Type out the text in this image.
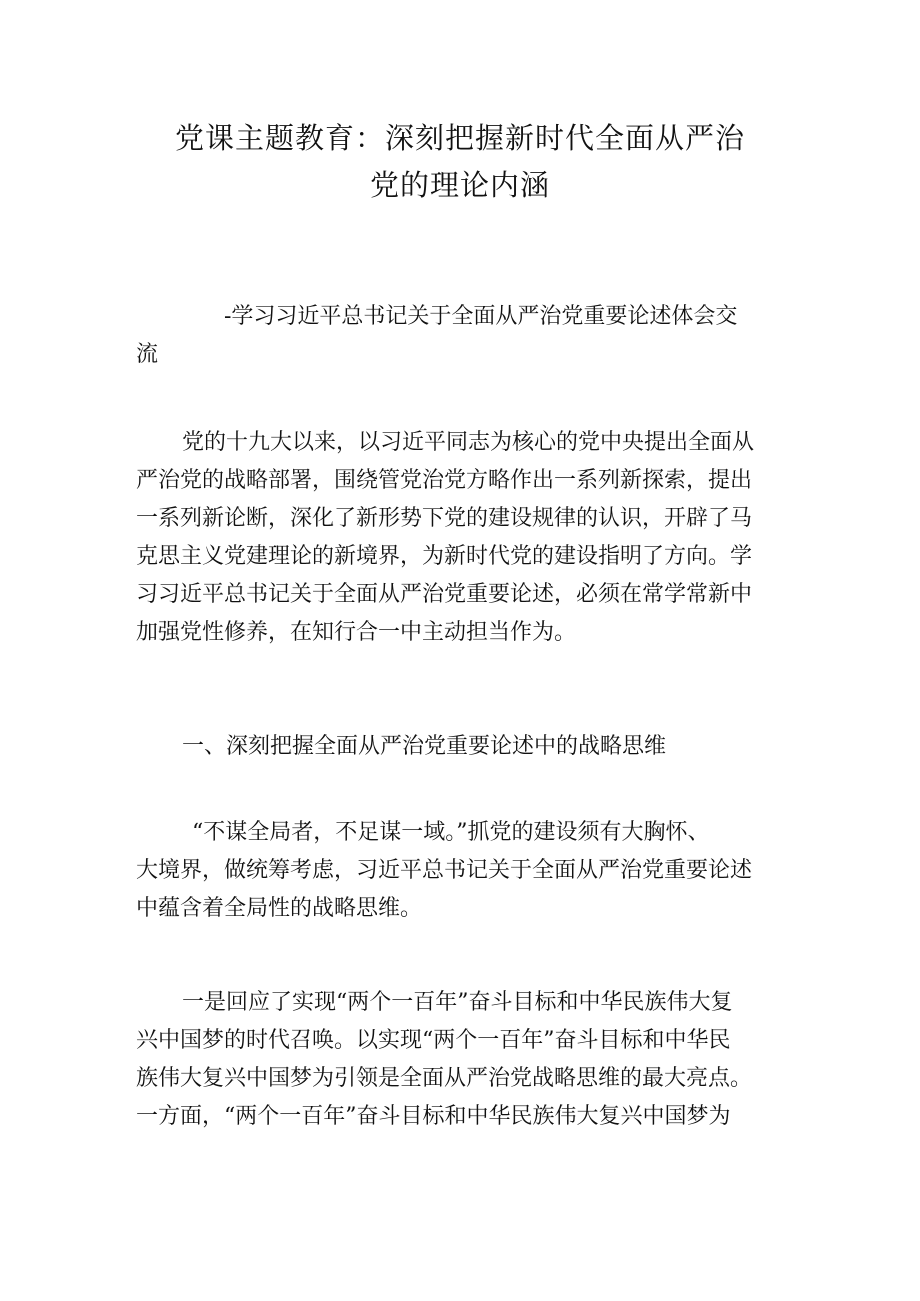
党课主题教育：深刻把握新时代全面从严治
党的理论内涵
-学习习近平总书记关于全面从严治党重要论述体会交
流
党的十九大以来，以习近平同志为核心的党中央提出全面从
严治党的战略部署，围绕管党治党方略作出一系列新探索，提出
一系列新论断，深化了新形势下党的建设规律的认识，开辟了马
克思主义党建理论的新境界，为新时代党的建设指明了方向。学
习习近平总书记关于全面从严治党重要论述，必须在常学常新中
加强党性修养，在知行合一中主动担当作为。
一、深刻把握全面从严治党重要论述中的战略思维
“不谋全局者，不足谋一域。”抓党的建设须有大胸怀、
大境界，做统筹考虑，习近平总书记关于全面从严治党重要论述
中蕴含着全局性的战略思维。
一是回应了实现“两个一百年”奋斗目标和中华民族伟大复
兴中国梦的时代召唤。以实现“两个一百年”奋斗目标和中华民
族伟大复兴中国梦为引领是全面从严治党战略思维的最大亮点。
一方面，“两个一百年”奋斗目标和中华民族伟大复兴中国梦为
